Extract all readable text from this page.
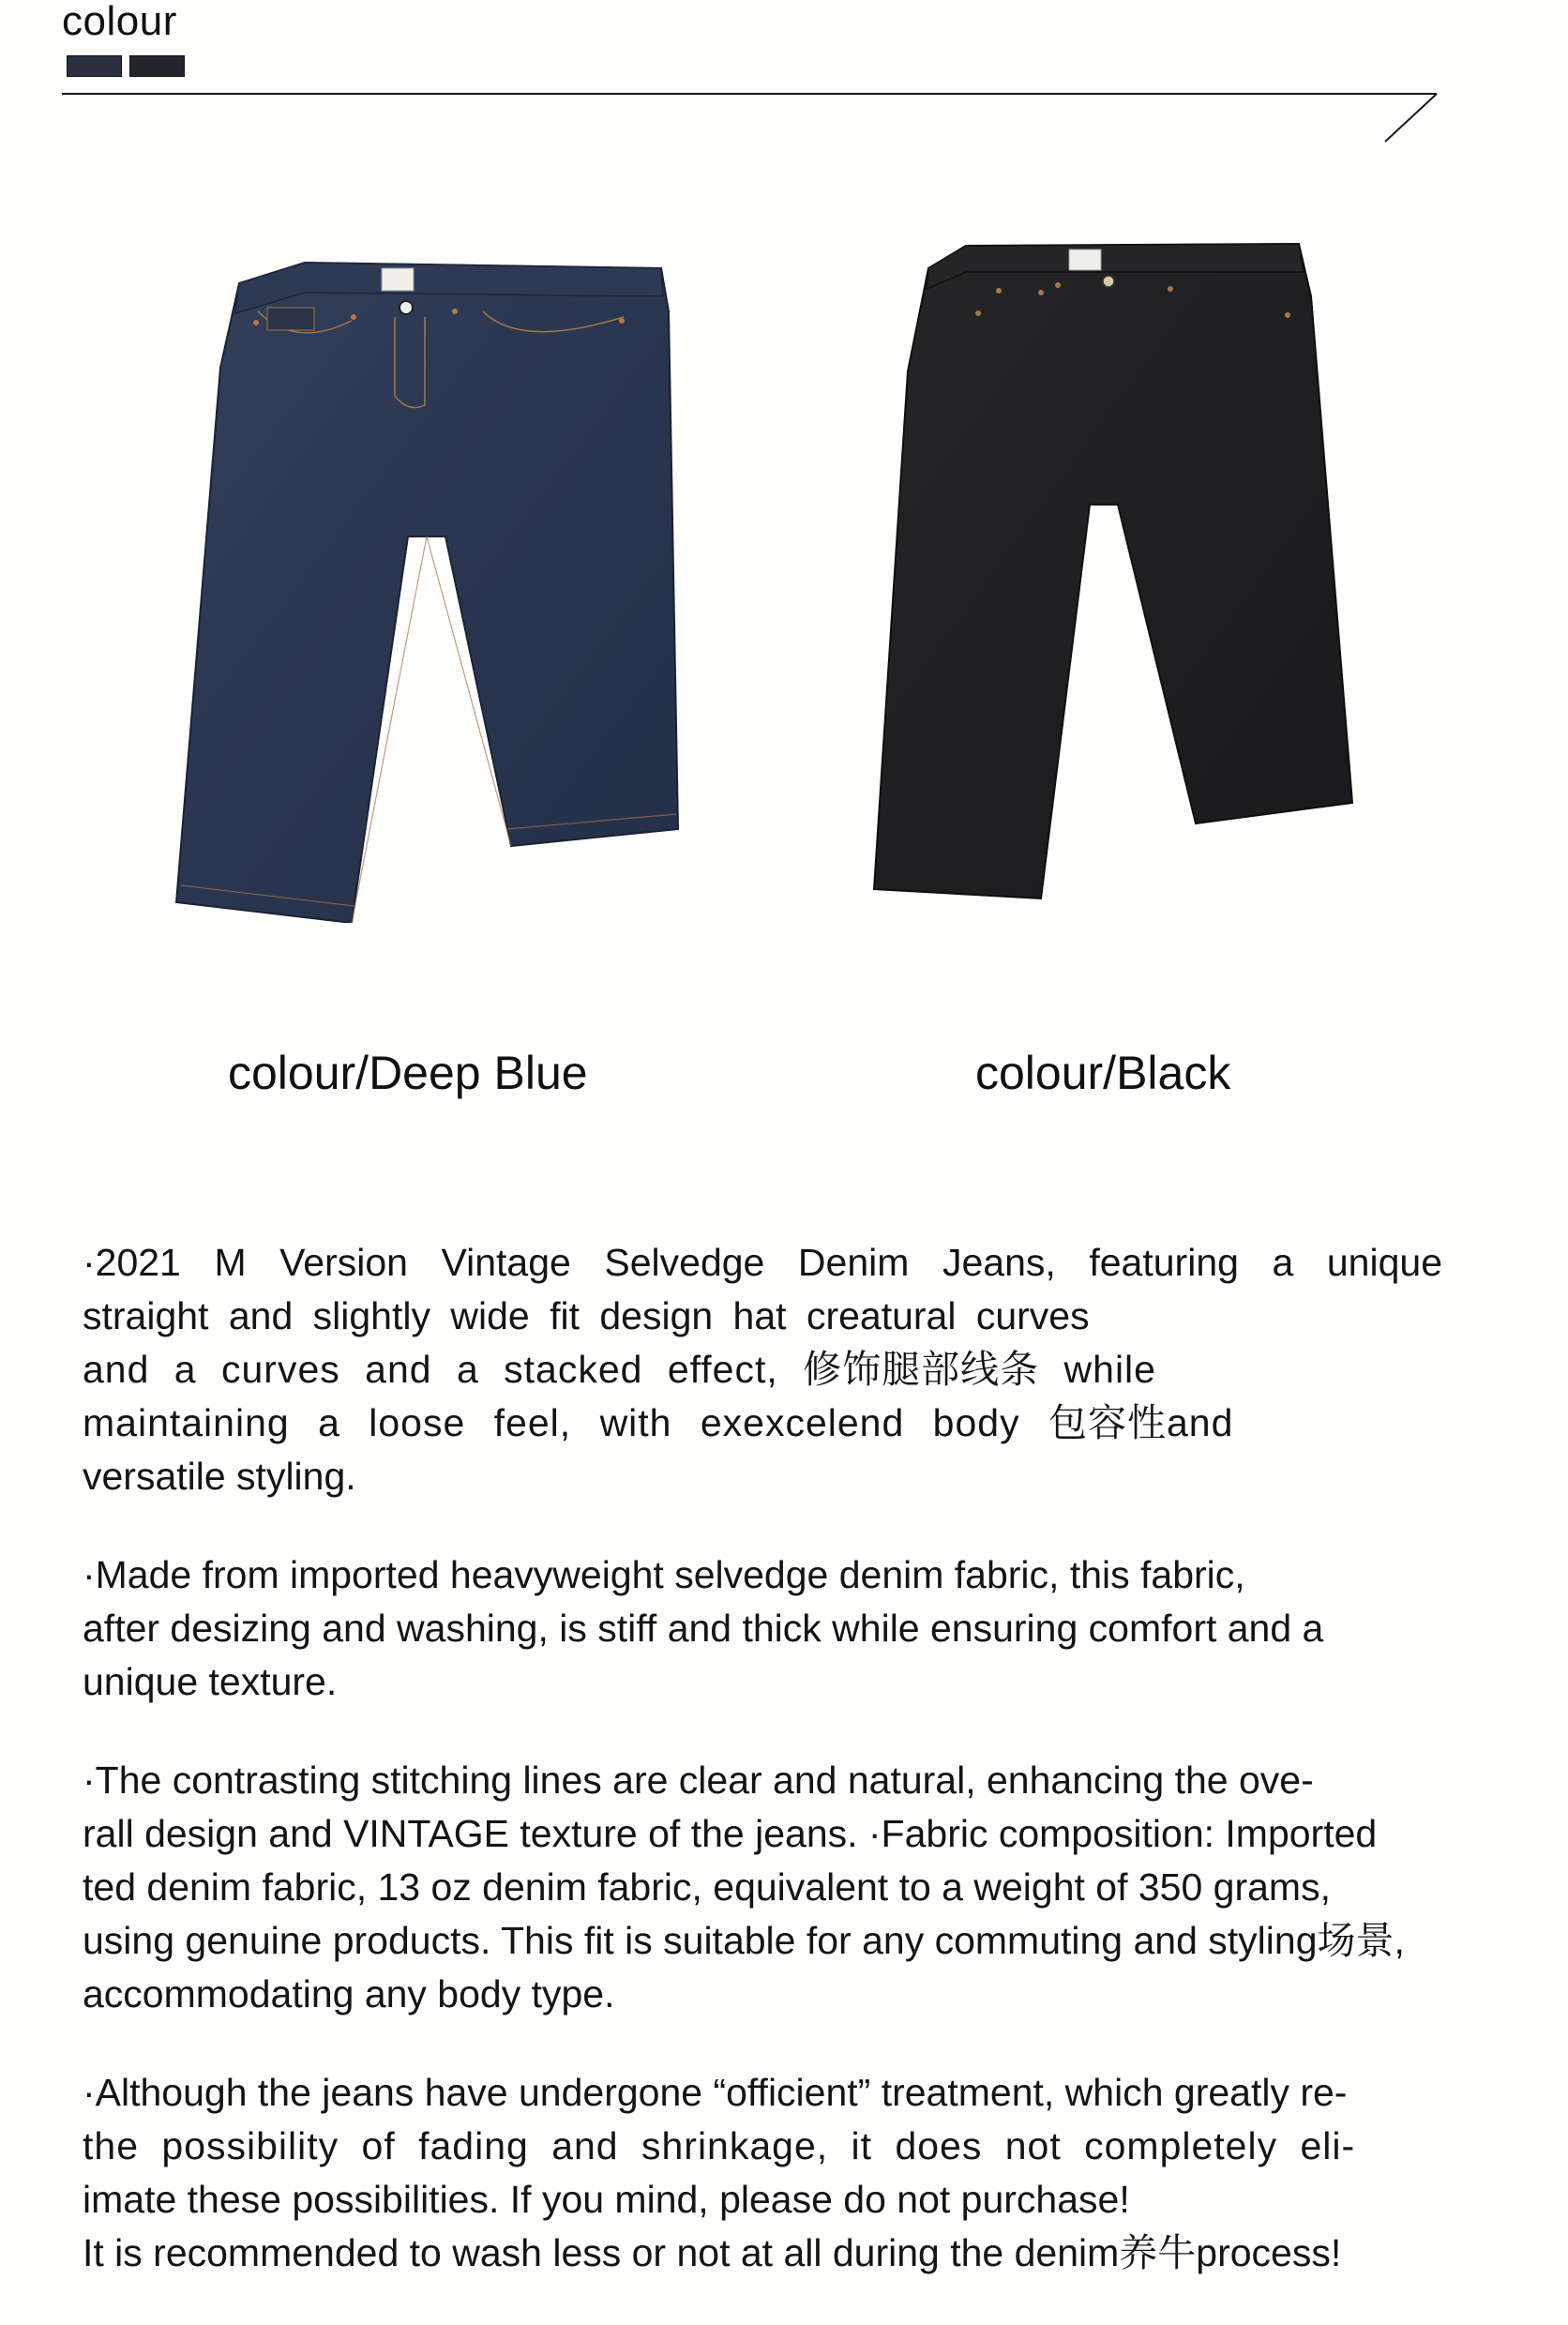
colour
colour/Deep Blue	colour/Black
·2021 M Version Vintage Selvedge Denim Jeans, featuring a unique
straight and slightly wide fit design hat creatural curves
and a curves and a stacked effect, 修饰腿部线条 while
maintaining a loose feel, with exexcelend body 包容性and
versatile styling.
·Made from imported heavyweight selvedge denim fabric, this fabric,
after desizing and washing, is stiff and thick while ensuring comfort and a
unique texture.
·The contrasting stitching lines are clear and natural, enhancing the ove-
rall design and VINTAGE texture of the jeans. ·Fabric composition: Imported
ted denim fabric, 13 oz denim fabric, equivalent to a weight of 350 grams,
using genuine products. This fit is suitable for any commuting and styling场景,
accommodating any body type.
·Although the jeans have undergone “officient” treatment, which greatly re-
the possibility of fading and shrinkage, it does not completely eli-
imate these possibilities. If you mind, please do not purchase!
It is recommended to wash less or not at all during the denim养牛process!
